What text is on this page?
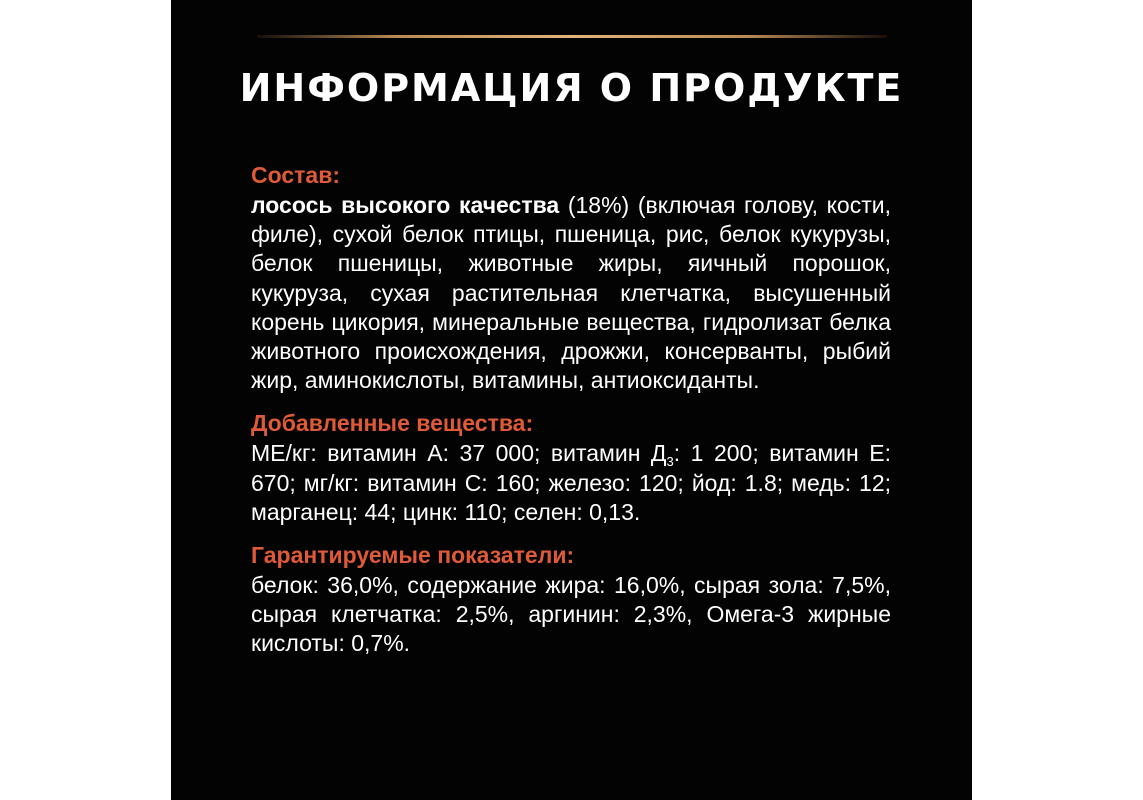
ИНФОРМАЦИЯ О ПРОДУКТЕ

Состав:

лосось высокого качества (18%) (включая голову, кости, филе), сухой белок птицы, пшеница, рис, белок кукурузы, белок пшеницы, животные жиры, яичный порошок, кукуруза, сухая растительная клетчатка, высушенный корень цикория, минеральные вещества, гидролизат белка животного происхождения, дрожжи, консерванты, рыбий жир, аминокислоты, витамины, антиоксиданты.

Добавленные вещества:

МЕ/кг: витамин А: 37 000; витамин $Д_3$: 1 200; витамин Е: 670; мг/кг: витамин С: 160; железо: 120; йод: 1.8; медь: 12; марганец: 44; цинк: 110; селен: 0,13.

Гарантируемые показатели:

белок: 36,0%, содержание жира: 16,0%, сырая зола: 7,5%, сырая клетчатка: 2,5%, аргинин: 2,3%, Омега-3 жирные кислоты: 0,7%.
